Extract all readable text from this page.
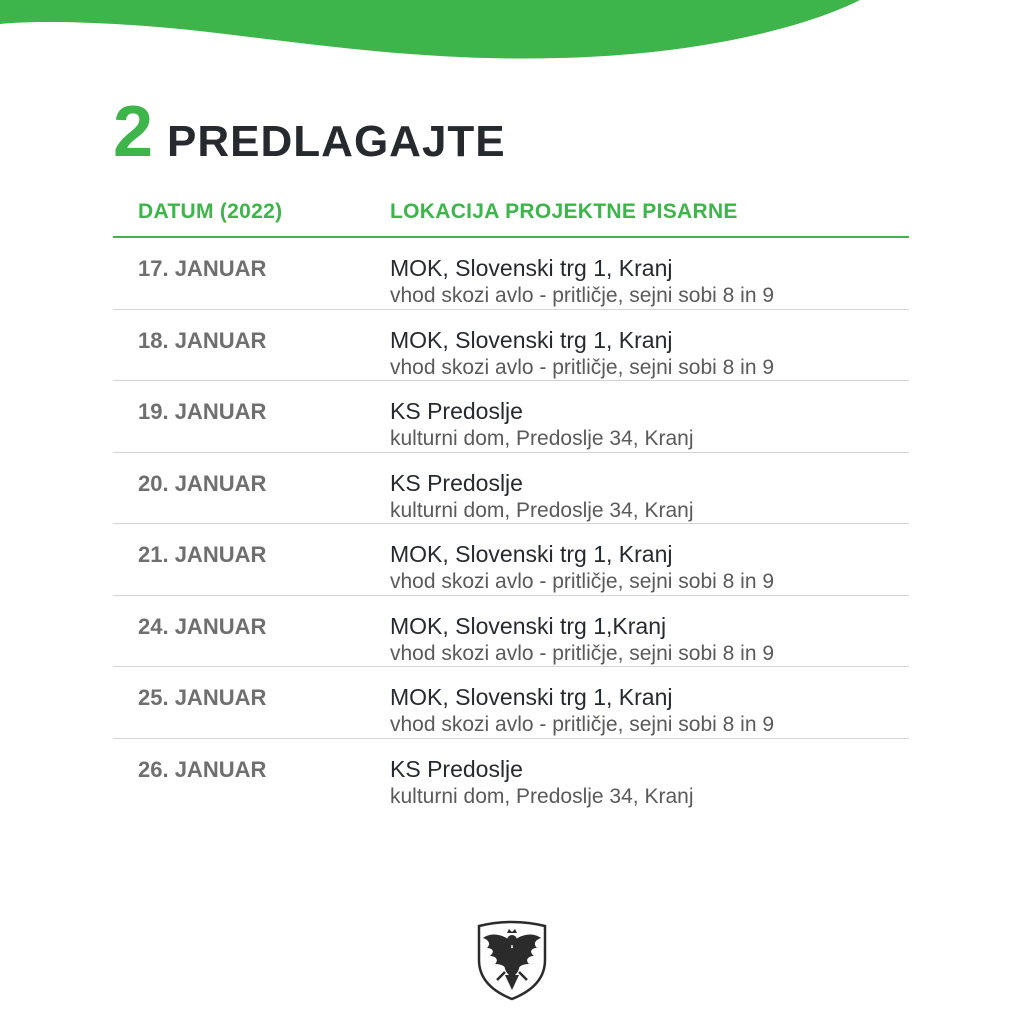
2 PREDLAGAJTE
DATUM (2022)	LOKACIJA PROJEKTNE PISARNE
17. JANUAR	MOK, Slovenski trg 1, Kranj
vhod skozi avlo - pritličje, sejni sobi 8 in 9
18. JANUAR	MOK, Slovenski trg 1, Kranj
vhod skozi avlo - pritličje, sejni sobi 8 in 9
19. JANUAR	KS Predoslje
kulturni dom, Predoslje 34, Kranj
20. JANUAR	KS Predoslje
kulturni dom, Predoslje 34, Kranj
21. JANUAR	MOK, Slovenski trg 1, Kranj
vhod skozi avlo - pritličje, sejni sobi 8 in 9
24. JANUAR	MOK, Slovenski trg 1,Kranj
vhod skozi avlo - pritličje, sejni sobi 8 in 9
25. JANUAR	MOK, Slovenski trg 1, Kranj
vhod skozi avlo - pritličje, sejni sobi 8 in 9
26. JANUAR	KS Predoslje
kulturni dom, Predoslje 34, Kranj
